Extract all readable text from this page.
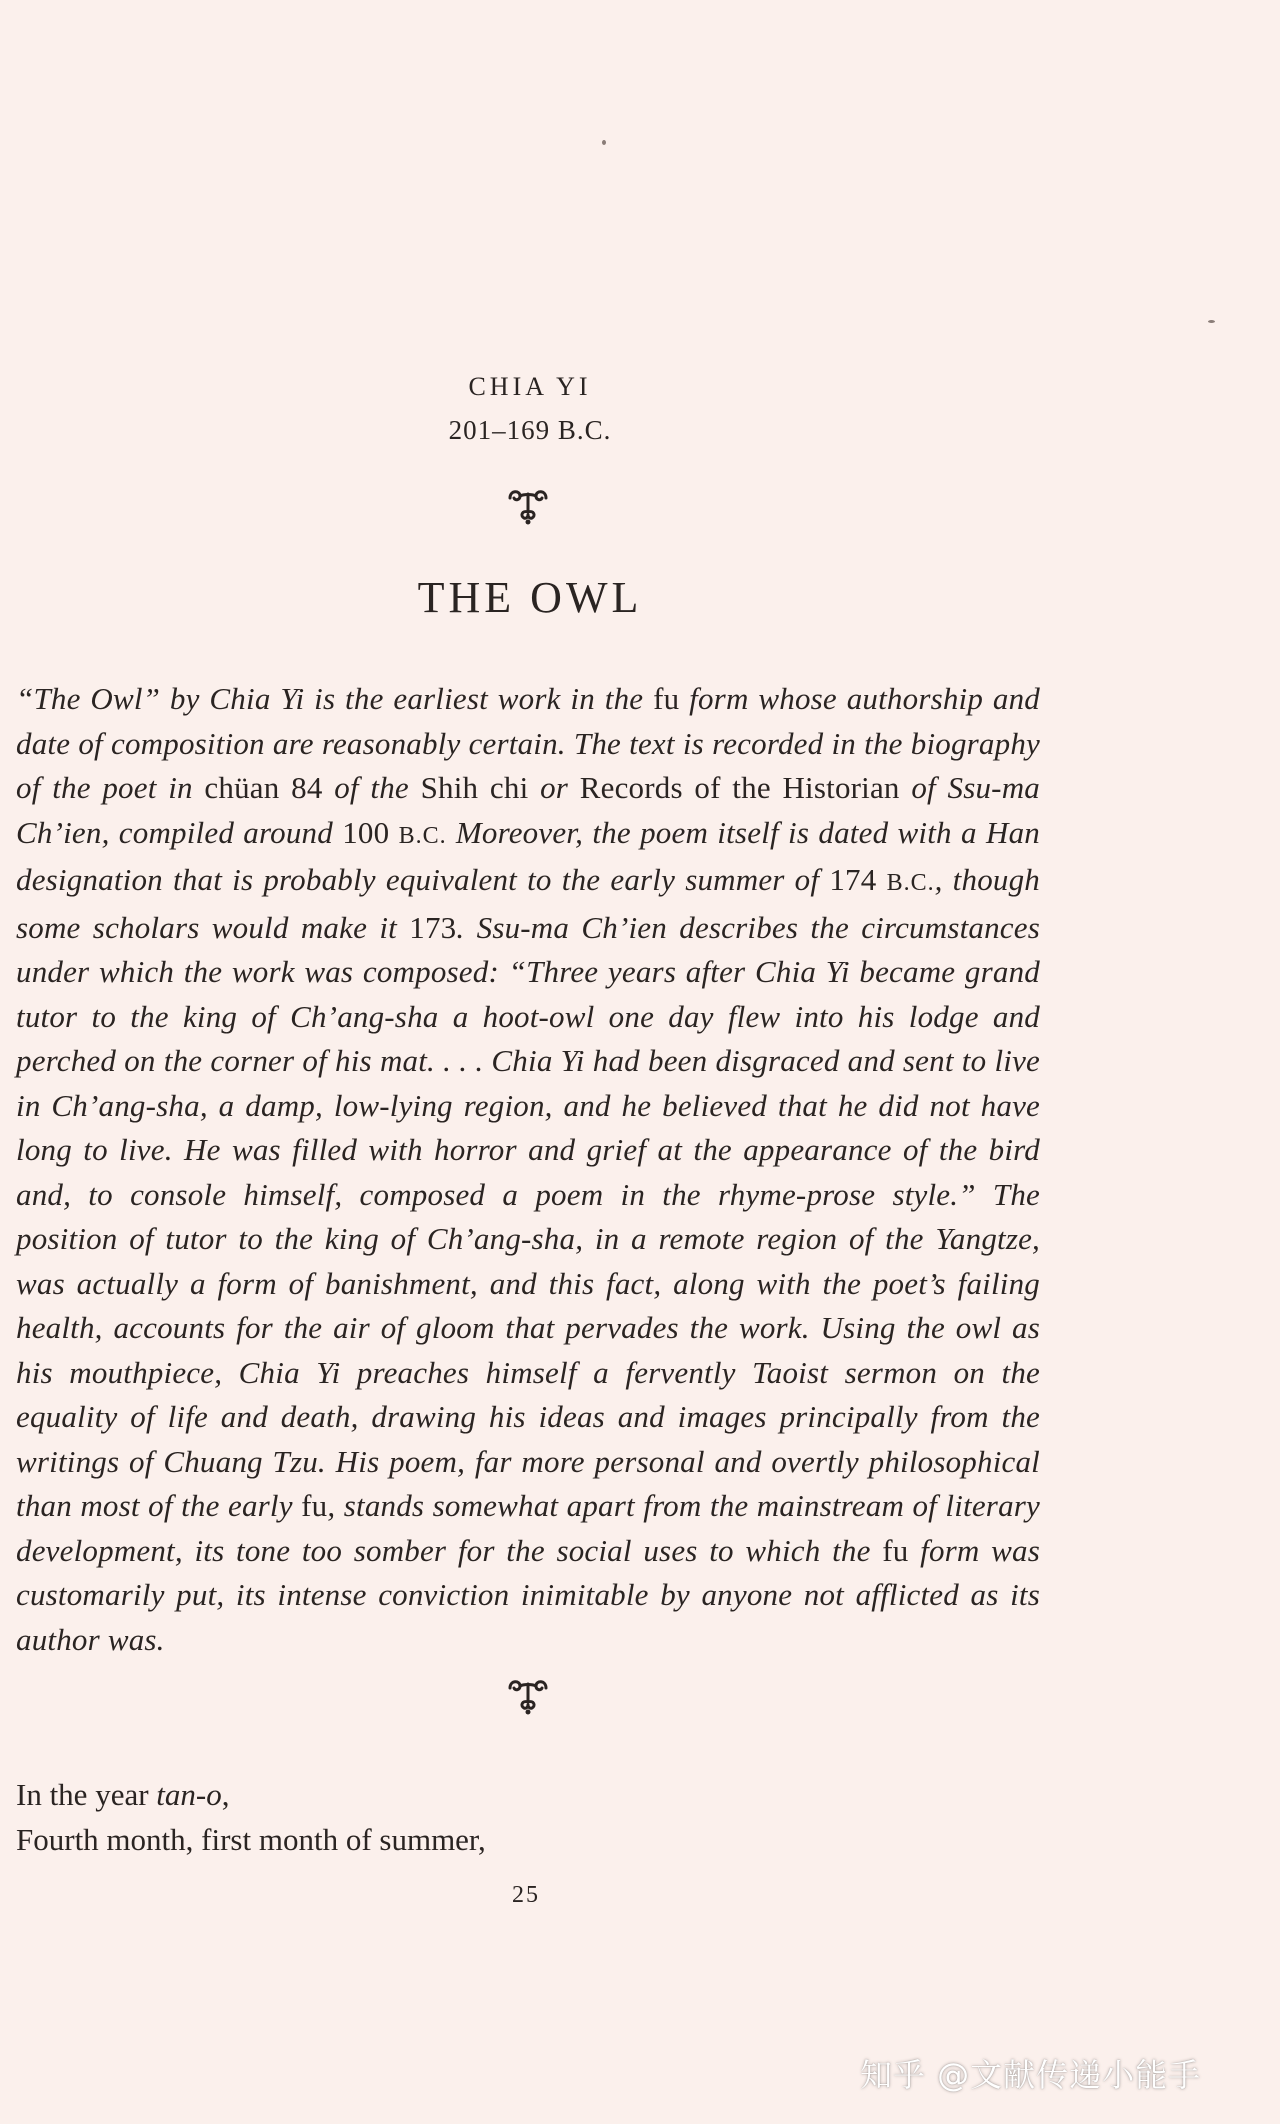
CHIA YI
201–169 B.C.
THE OWL

“The Owl” by Chia Yi is the earliest work in the fu form whose authorship and date of composition are reasonably certain. The text is recorded in the biography of the poet in chüan 84 of the Shih chi or Records of the Historian of Ssu-ma Ch’ien, compiled around 100 B.C. Moreover, the poem itself is dated with a Han designation that is probably equivalent to the early summer of 174 B.C., though some scholars would make it 173. Ssu-ma Ch’ien describes the circumstances under which the work was composed: “Three years after Chia Yi became grand tutor to the king of Ch’ang-sha a hoot-owl one day flew into his lodge and perched on the corner of his mat. . . . Chia Yi had been disgraced and sent to live in Ch’ang-sha, a damp, low-lying region, and he believed that he did not have long to live. He was filled with horror and grief at the appearance of the bird and, to console himself, composed a poem in the rhyme-prose style.” The position of tutor to the king of Ch’ang-sha, in a remote region of the Yangtze, was actually a form of banishment, and this fact, along with the poet’s failing health, accounts for the air of gloom that pervades the work. Using the owl as his mouthpiece, Chia Yi preaches himself a fervently Taoist sermon on the equality of life and death, drawing his ideas and images principally from the writings of Chuang Tzu. His poem, far more personal and overtly philosophical than most of the early fu, stands somewhat apart from the mainstream of literary development, its tone too somber for the social uses to which the fu form was customarily put, its intense conviction inimitable by anyone not afflicted as its author was.

In the year tan-o,
Fourth month, first month of summer,
25
知乎 @文献传递小能手
